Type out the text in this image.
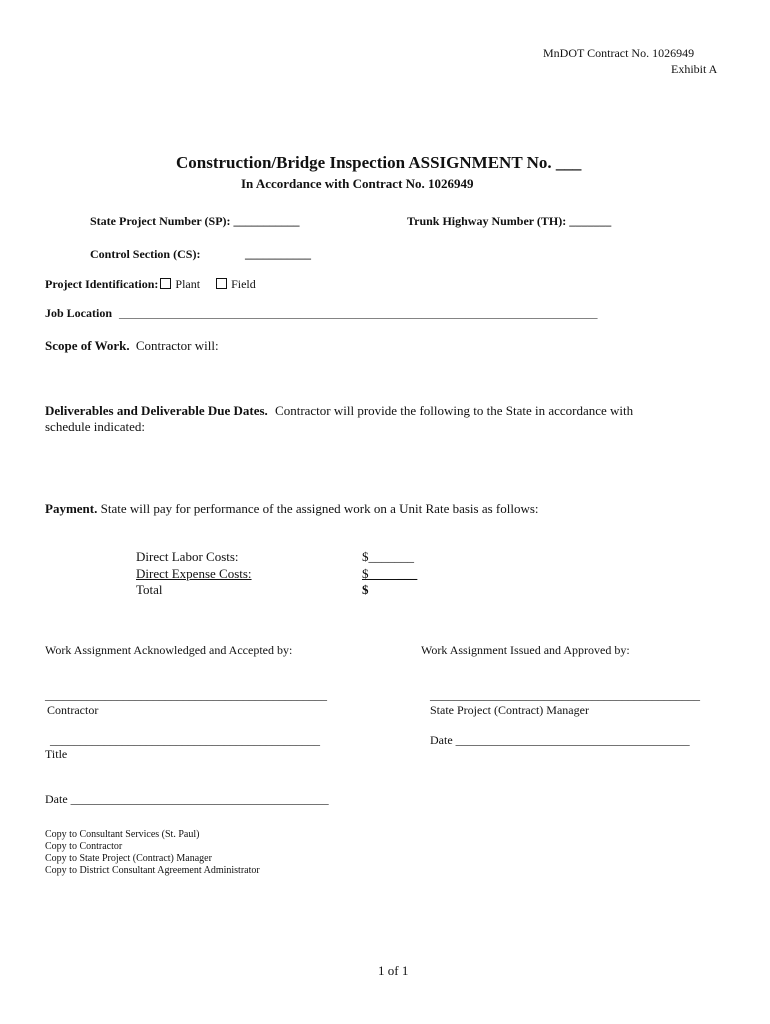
MnDOT Contract No. 1026949
Exhibit A
Construction/Bridge Inspection ASSIGNMENT No. ___
In Accordance with Contract No. 1026949
State Project Number (SP): ___________	Trunk Highway Number (TH): _______
Control Section (CS):	___________
Project Identification: Plant	Field
Job Location _______________________________________________________________________________________
Scope of Work. Contractor will:
Deliverables and Deliverable Due Dates. Contractor will provide the following to the State in accordance with
schedule indicated:
Payment. State will pay for performance of the assigned work on a Unit Rate basis as follows:
Direct Labor Costs:	$_______
Direct Expense Costs:	$         ___
Total	$
Work Assignment Acknowledged and Accepted by:	Work Assignment Issued and Approved by:
_______________________________________________
Contractor
_____________________________________________
State Project (Contract) Manager
_____________________________________________
Title
Date _______________________________________
Date ___________________________________________
Copy to Consultant Services (St. Paul)
Copy to Contractor
Copy to State Project (Contract) Manager
Copy to District Consultant Agreement Administrator
1 of 1
